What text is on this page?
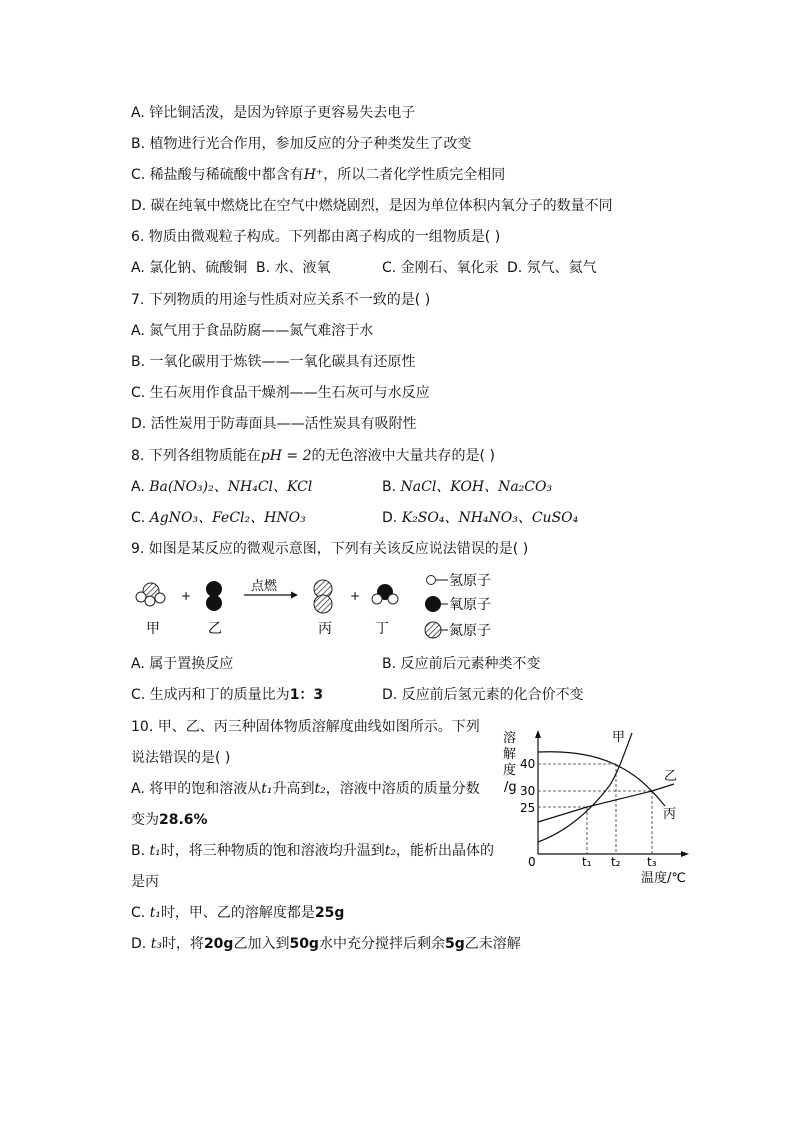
A. 锌比铜活泼，是因为锌原子更容易失去电子
B. 植物进行光合作用，参加反应的分子种类发生了改变
C. 稀盐酸与稀硫酸中都含有H⁺，所以二者化学性质完全相同
D. 碳在纯氧中燃烧比在空气中燃烧剧烈，是因为单位体积内氧分子的数量不同
6. 物质由微观粒子构成。下列都由离子构成的一组物质是( )
A. 氯化钠、硫酸铜 B. 水、液氧	C. 金刚石、氧化汞 D. 氖气、氦气
7. 下列物质的用途与性质对应关系不一致的是( )
A. 氮气用于食品防腐——氮气难溶于水
B. 一氧化碳用于炼铁——一氧化碳具有还原性
C. 生石灰用作食品干燥剂——生石灰可与水反应
D. 活性炭用于防毒面具——活性炭具有吸附性
8. 下列各组物质能在pH = 2的无色溶液中大量共存的是( )
A. Ba(NO₃)₂、NH₄Cl、KCl	B. NaCl、KOH、Na₂CO₃
C. AgNO₃、FeCl₂、HNO₃	D. K₂SO₄、NH₄NO₃、CuSO₄
9. 如图是某反应的微观示意图，下列有关该反应说法错误的是( )
+
点燃
+
甲	乙	丙	丁
氢原子
氧原子
氮原子
A. 属于置换反应	B. 反应前后元素种类不变
C. 生成丙和丁的质量比为1：3	D. 反应前后氢元素的化合价不变
10. 甲、乙、丙三种固体物质溶解度曲线如图所示。下列
说法错误的是( )
A. 将甲的饱和溶液从t₁升高到t₂，溶液中溶质的质量分数
变为28.6%
B. t₁时，将三种物质的饱和溶液均升温到t₂，能析出晶体的
是丙
C. t₁时，甲、乙的溶解度都是25g
D. t₃时，将20g乙加入到50g水中充分搅拌后剩余5g乙未溶解
溶
解
度
/g
40
30
25
0	t₁ t₂ t₃
温度/℃
甲
乙
丙
